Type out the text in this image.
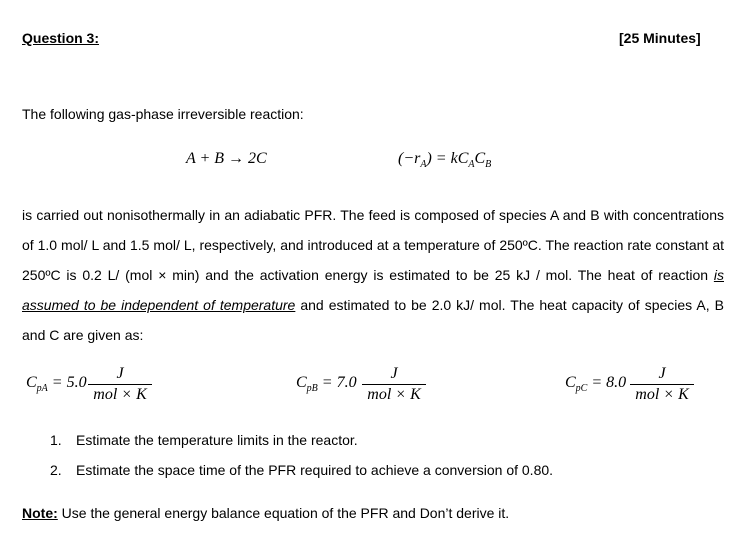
Question 3:	[25 Minutes]
The following gas-phase irreversible reaction:
A + B → 2C	$(-r_A) = kC_AC_B$
is carried out nonisothermally in an adiabatic PFR. The feed is composed of species A and B with concentrations of 1.0 mol/ L and 1.5 mol/ L, respectively, and introduced at a temperature of 250ºC. The reaction rate constant at 250ºC is 0.2 L/ (mol × min) and the activation energy is estimated to be 25 kJ / mol. The heat of reaction is assumed to be independent of temperature and estimated to be 2.0 kJ/ mol. The heat capacity of species A, B and C are given as:
$C_{pA} = 5.0$
J
mol × K
$C_{pB} = 7.0$
J
mol × K
$C_{pC} = 8.0$
J
mol × K
1. Estimate the temperature limits in the reactor.
2. Estimate the space time of the PFR required to achieve a conversion of 0.80.
Note: Use the general energy balance equation of the PFR and Don’t derive it.
